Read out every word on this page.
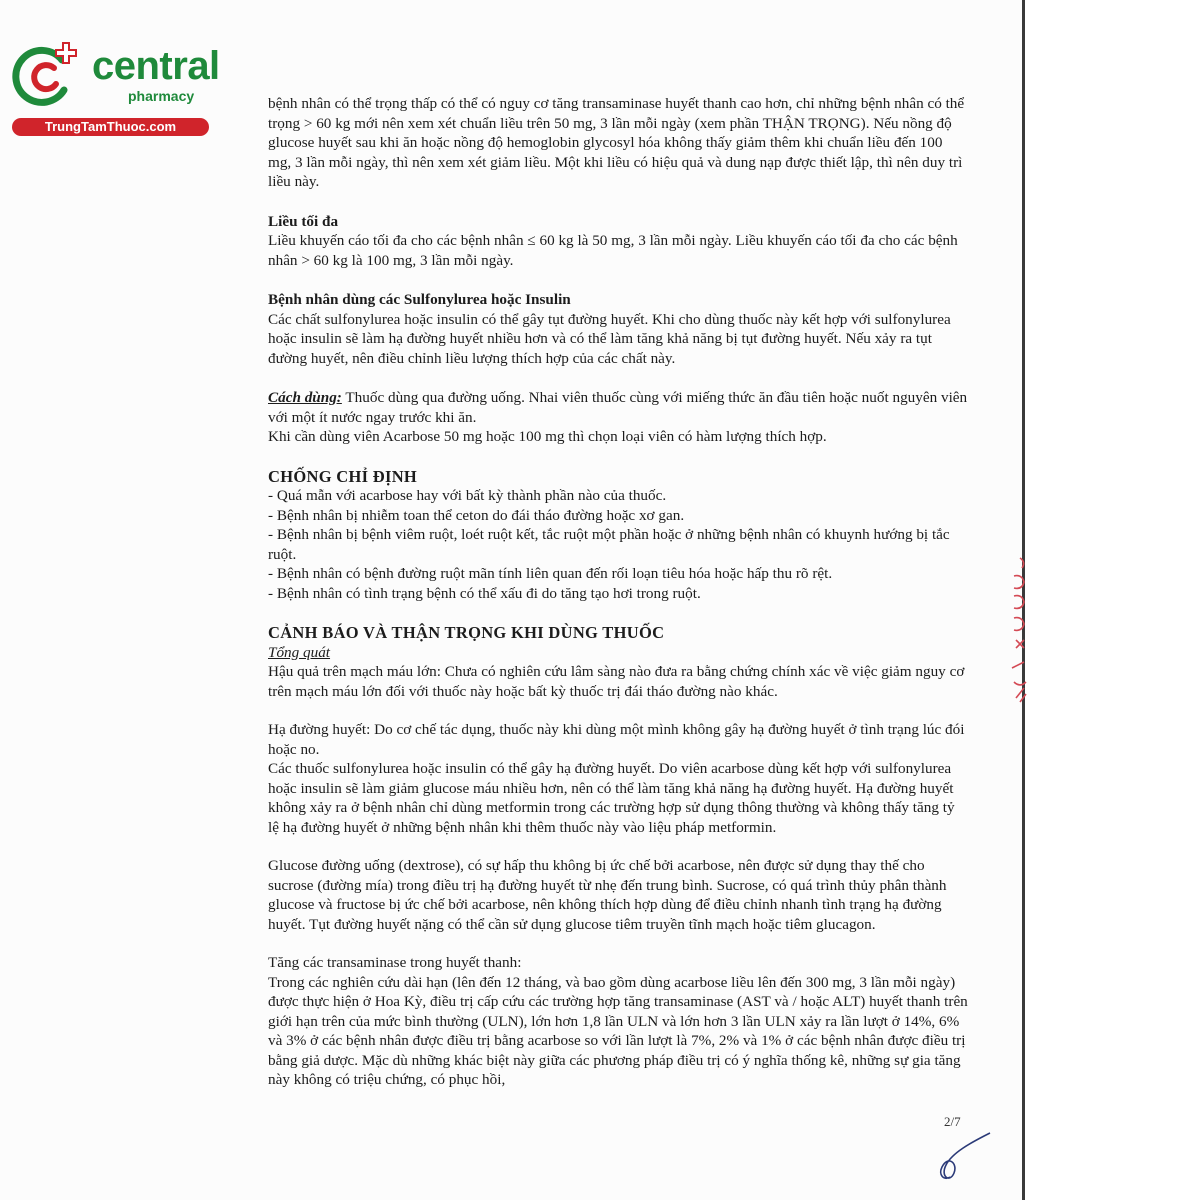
central
pharmacy
TrungTamThuoc.com

bệnh nhân có thể trọng thấp có thể có nguy cơ tăng transaminase huyết thanh cao hơn, chỉ những bệnh nhân có thể trọng > 60 kg mới nên xem xét chuẩn liều trên 50 mg, 3 lần mỗi ngày (xem phần THẬN TRỌNG). Nếu nồng độ glucose huyết sau khi ăn hoặc nồng độ hemoglobin glycosyl hóa không thấy giảm thêm khi chuẩn liều đến 100 mg, 3 lần mỗi ngày, thì nên xem xét giảm liều. Một khi liều có hiệu quả và dung nạp được thiết lập, thì nên duy trì liều này.

Liều tối đa

Liều khuyến cáo tối đa cho các bệnh nhân ≤ 60 kg là 50 mg, 3 lần mỗi ngày. Liều khuyến cáo tối đa cho các bệnh nhân > 60 kg là 100 mg, 3 lần mỗi ngày.

Bệnh nhân dùng các Sulfonylurea hoặc Insulin

Các chất sulfonylurea hoặc insulin có thể gây tụt đường huyết. Khi cho dùng thuốc này kết hợp với sulfonylurea hoặc insulin sẽ làm hạ đường huyết nhiều hơn và có thể làm tăng khả năng bị tụt đường huyết. Nếu xảy ra tụt đường huyết, nên điều chỉnh liều lượng thích hợp của các chất này.

Cách dùng: Thuốc dùng qua đường uống. Nhai viên thuốc cùng với miếng thức ăn đầu tiên hoặc nuốt nguyên viên với một ít nước ngay trước khi ăn.

Khi cần dùng viên Acarbose 50 mg hoặc 100 mg thì chọn loại viên có hàm lượng thích hợp.

CHỐNG CHỈ ĐỊNH

- Quá mẫn với acarbose hay với bất kỳ thành phần nào của thuốc.

- Bệnh nhân bị nhiễm toan thể ceton do đái tháo đường hoặc xơ gan.

- Bệnh nhân bị bệnh viêm ruột, loét ruột kết, tắc ruột một phần hoặc ở những bệnh nhân có khuynh hướng bị tắc ruột.

- Bệnh nhân có bệnh đường ruột mãn tính liên quan đến rối loạn tiêu hóa hoặc hấp thu rõ rệt.

- Bệnh nhân có tình trạng bệnh có thể xấu đi do tăng tạo hơi trong ruột.

CẢNH BÁO VÀ THẬN TRỌNG KHI DÙNG THUỐC

Tổng quát

Hậu quả trên mạch máu lớn: Chưa có nghiên cứu lâm sàng nào đưa ra bằng chứng chính xác về việc giảm nguy cơ trên mạch máu lớn đối với thuốc này hoặc bất kỳ thuốc trị đái tháo đường nào khác.

Hạ đường huyết: Do cơ chế tác dụng, thuốc này khi dùng một mình không gây hạ đường huyết ở tình trạng lúc đói hoặc no.

Các thuốc sulfonylurea hoặc insulin có thể gây hạ đường huyết. Do viên acarbose dùng kết hợp với sulfonylurea hoặc insulin sẽ làm giảm glucose máu nhiều hơn, nên có thể làm tăng khả năng hạ đường huyết. Hạ đường huyết không xảy ra ở bệnh nhân chỉ dùng metformin trong các trường hợp sử dụng thông thường và không thấy tăng tỷ lệ hạ đường huyết ở những bệnh nhân khi thêm thuốc này vào liệu pháp metformin.

Glucose đường uống (dextrose), có sự hấp thu không bị ức chế bởi acarbose, nên được sử dụng thay thế cho sucrose (đường mía) trong điều trị hạ đường huyết từ nhẹ đến trung bình. Sucrose, có quá trình thủy phân thành glucose và fructose bị ức chế bởi acarbose, nên không thích hợp dùng để điều chỉnh nhanh tình trạng hạ đường huyết. Tụt đường huyết nặng có thể cần sử dụng glucose tiêm truyền tĩnh mạch hoặc tiêm glucagon.

Tăng các transaminase trong huyết thanh:

Trong các nghiên cứu dài hạn (lên đến 12 tháng, và bao gồm dùng acarbose liều lên đến 300 mg, 3 lần mỗi ngày) được thực hiện ở Hoa Kỳ, điều trị cấp cứu các trường hợp tăng transaminase (AST và / hoặc ALT) huyết thanh trên giới hạn trên của mức bình thường (ULN), lớn hơn 1,8 lần ULN và lớn hơn 3 lần ULN xảy ra lần lượt ở 14%, 6% và 3% ở các bệnh nhân được điều trị bằng acarbose so với lần lượt là 7%, 2% và 1% ở các bệnh nhân được điều trị bằng giả dược. Mặc dù những khác biệt này giữa các phương pháp điều trị có ý nghĩa thống kê, những sự gia tăng này không có triệu chứng, có phục hồi,

2/7
